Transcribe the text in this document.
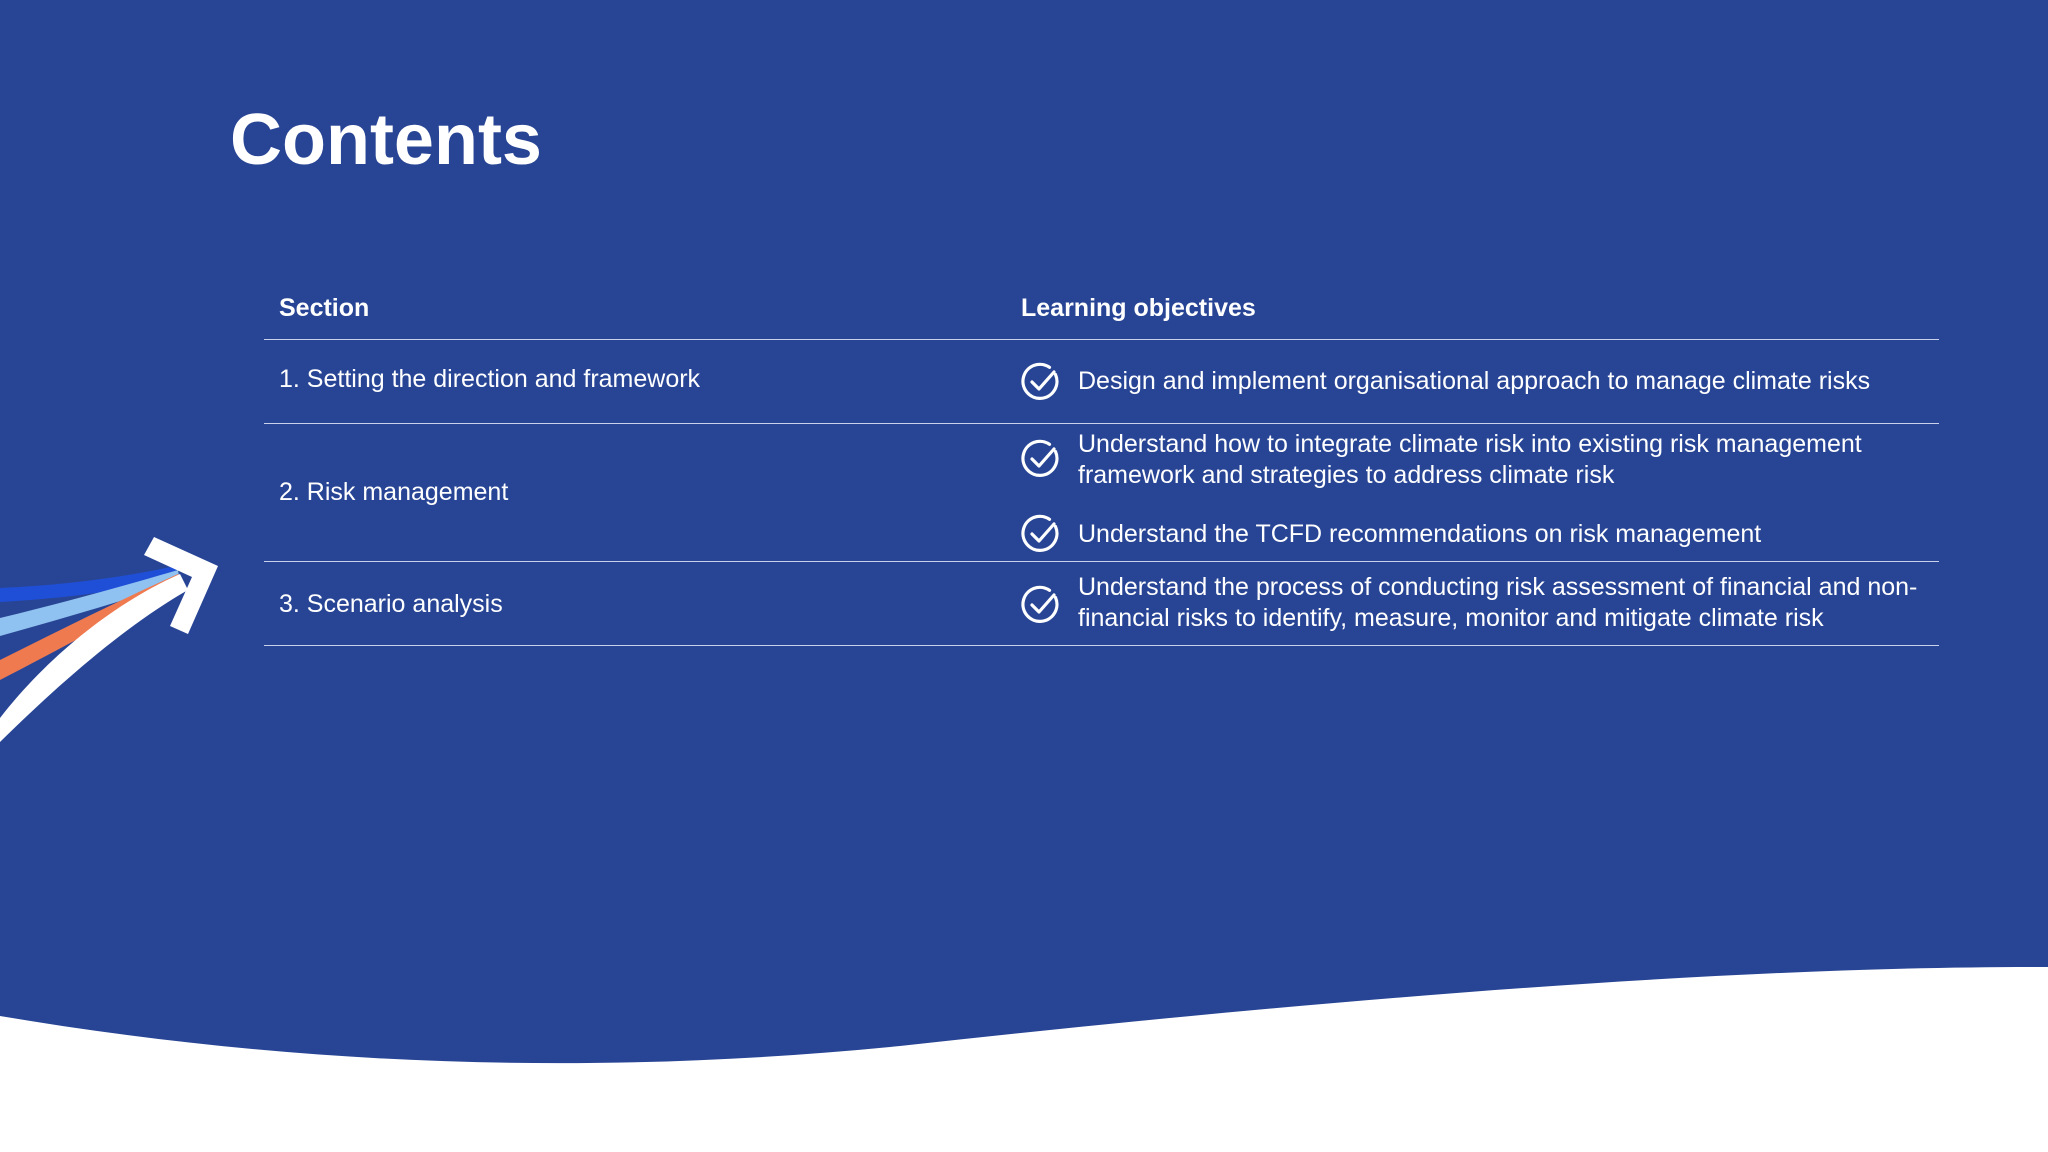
Contents
Section	Learning objectives
1. Setting the direction and framework	Design and implement organisational approach to manage climate risks
2. Risk management
Understand how to integrate climate risk into existing risk management framework and strategies to address climate risk
Understand the TCFD recommendations on risk management
3. Scenario analysis
Understand the process of conducting risk assessment of financial and non-financial risks to identify, measure, monitor and mitigate climate risk
